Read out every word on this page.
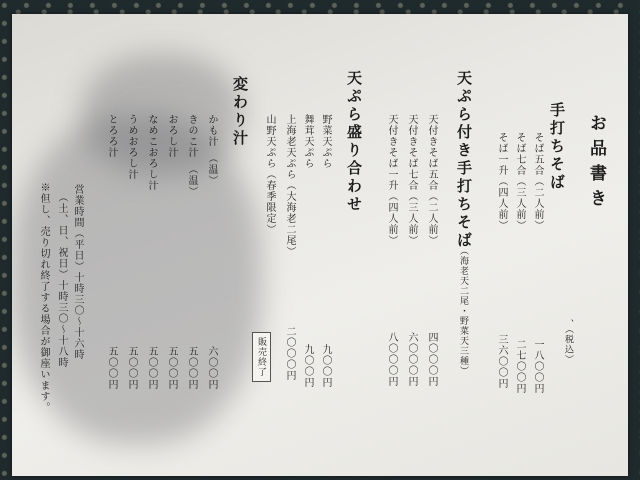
お品書き
、（税込）
手打ちそば
そば五合（二人前）
そば七合（三人前）
そば一升（四人前）
一八〇〇円
二七〇〇円
三六〇〇円
天ぷら付き手打ちそば
（海老天二尾・野菜天三種）
天付きそば五合（二人前）
天付きそば七合（三人前）
天付きそば一升（四人前）
四〇〇〇円
六〇〇〇円
八〇〇〇円
天ぷら盛り合わせ
野菜天ぷら
舞茸天ぷら
上海老天ぷら（大海老二尾）
山野天ぷら（春季限定）
九〇〇円
九〇〇円
二〇〇〇円
販売終了
変わり汁
かも汁　（温）
きのこ汁　（温）
おろし汁
なめこおろし汁
うめおろし汁
とろろ汁
六〇〇円
五〇〇円
五〇〇円
五〇〇円
五〇〇円
五〇〇円
営業時間（平日）十時三〇〜十六時
（土、日、祝日）十時三〇〜十八時
※但し、売り切れ終了する場合が御座います。
